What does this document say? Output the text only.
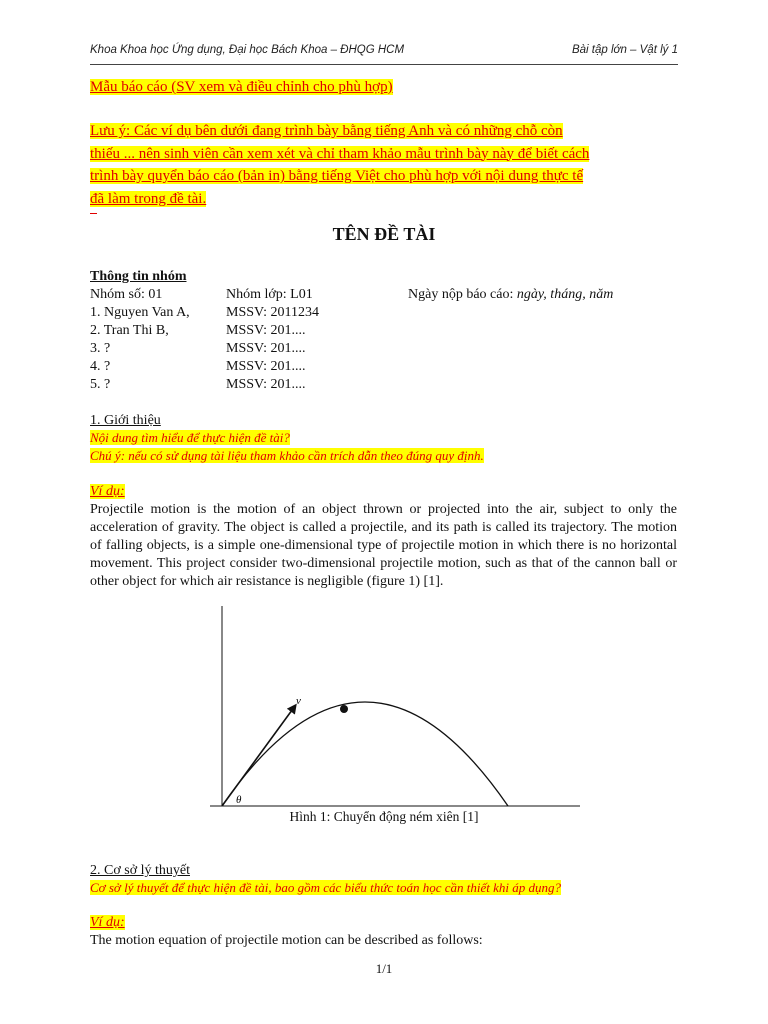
Khoa Khoa học Ứng dụng, Đại học Bách Khoa – ĐHQG HCM	Bài tập lớn – Vật lý 1
Mẫu báo cáo (SV xem và điều chỉnh cho phù hợp)
Lưu ý: Các ví dụ bên dưới đang trình bày bằng tiếng Anh và có những chỗ còn
thiếu ... nên sinh viên cần xem xét và chỉ tham khảo mẫu trình bày này để biết cách
trình bày quyển báo cáo (bản in) bằng tiếng Việt cho phù hợp với nội dung thực tế
đã làm trong đề tài.
TÊN ĐỀ TÀI
Thông tin nhóm
Nhóm số: 01	Nhóm lớp: L01	Ngày nộp báo cáo: ngày, tháng, năm
1. Nguyen Van A,	MSSV: 2011234
2. Tran Thi B,	MSSV: 201....
3. ?	MSSV: 201....
4. ?	MSSV: 201....
5. ?	MSSV: 201....
1. Giới thiệu
Nội dung tìm hiểu để thực hiện đề tài?
Chú ý: nếu có sử dụng tài liệu tham khảo cần trích dẫn theo đúng quy định.
Ví dụ:
Projectile motion is the motion of an object thrown or projected into the air, subject to only the acceleration of gravity. The object is called a projectile, and its path is called its trajectory. The motion of falling objects, is a simple one-dimensional type of projectile motion in which there is no horizontal movement. This project consider two-dimensional projectile motion, such as that of the cannon ball or other object for which air resistance is negligible (figure 1) [1].
v
θ
Hình 1: Chuyển động ném xiên [1]
2. Cơ sở lý thuyết
Cơ sở lý thuyết để thực hiện đề tài, bao gồm các biểu thức toán học cần thiết khi áp dụng?
Ví dụ:
The motion equation of projectile motion can be described as follows:
1/1
